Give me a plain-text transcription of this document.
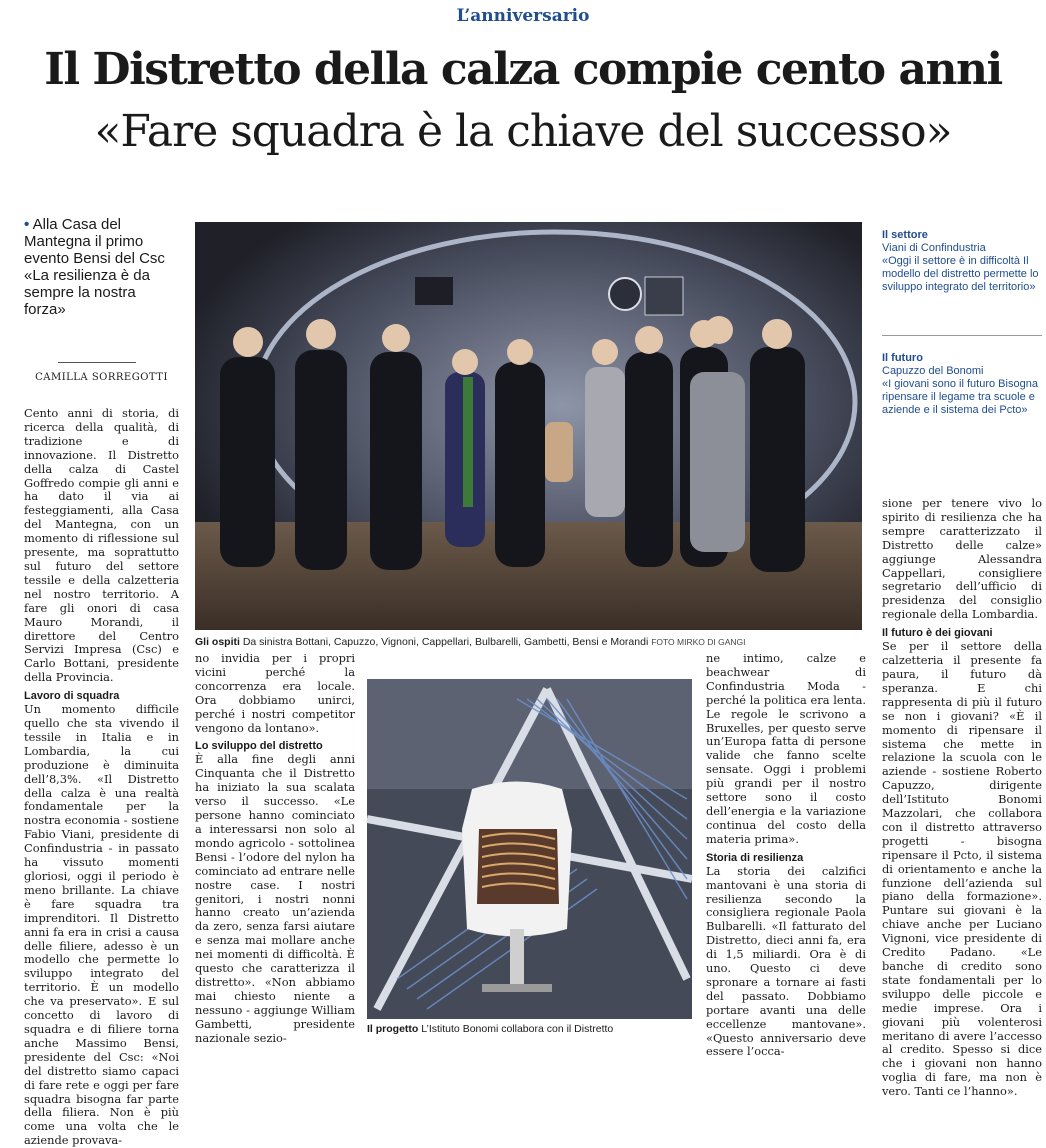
L’anniversario
Il Distretto della calza compie cento anni
«Fare squadra è la chiave del successo»
• Alla Casa del Mantegna il primo evento Bensi del Csc «La resilienza è da sempre la nostra forza»
CAMILLA SORREGOTTI

Cento anni di storia, di ricerca della qualità, di tradizione e di innovazione. Il Distretto della calza di Castel Goffredo compie gli anni e ha dato il via ai festeggiamenti, alla Casa del Mantegna, con un momento di riflessione sul presente, ma soprattutto sul futuro del settore tessile e della calzetteria nel nostro territorio. A fare gli onori di casa Mauro Morandi, il direttore del Centro Servizi Impresa (Csc) e Carlo Bottani, presidente della Provincia.

Lavoro di squadra

Un momento difficile quello che sta vivendo il tessile in Italia e in Lombardia, la cui produzione è diminuita dell’8,3%. «Il Distretto della calza è una realtà fondamentale per la nostra economia - sostiene Fabio Viani, presidente di Confindustria - in passato ha vissuto momenti gloriosi, oggi il periodo è meno brillante. La chiave è fare squadra tra imprenditori. Il Distretto anni fa era in crisi a causa delle filiere, adesso è un modello che permette lo sviluppo integrato del territorio. È un modello che va preservato». E sul concetto di lavoro di squadra e di filiere torna anche Massimo Bensi, presidente del Csc: «Noi del distretto siamo capaci di fare rete e oggi per fare squadra bisogna far parte della filiera. Non è più come una volta che le aziende provava-

Gli ospiti Da sinistra Bottani, Capuzzo, Vignoni, Cappellari, Bulbarelli, Gambetti, Bensi e Morandi FOTO MIRKO DI GANGI

no invidia per i propri vicini perché la concorrenza era locale. Ora dobbiamo unirci, perché i nostri competitor vengono da lontano».

Lo sviluppo del distretto

È alla fine degli anni Cinquanta che il Distretto ha iniziato la sua scalata verso il successo. «Le persone hanno cominciato a interessarsi non solo al mondo agricolo - sottolinea Bensi - l’odore del nylon ha cominciato ad entrare nelle nostre case. I nostri genitori, i nostri nonni hanno creato un’azienda da zero, senza farsi aiutare e senza mai mollare anche nei momenti di difficoltà. È questo che caratterizza il distretto». «Non abbiamo mai chiesto niente a nessuno - aggiunge William Gambetti, presidente nazionale sezio-

Il progetto L’Istituto Bonomi collabora con il Distretto

ne intimo, calze e beachwear di Confindustria Moda - perché la politica era lenta. Le regole le scrivono a Bruxelles, per questo serve un’Europa fatta di persone valide che fanno scelte sensate. Oggi i problemi più grandi per il nostro settore sono il costo dell’energia e la variazione continua del costo della materia prima».

Storia di resilienza

La storia dei calzifici mantovani è una storia di resilienza secondo la consigliera regionale Paola Bulbarelli. «Il fatturato del Distretto, dieci anni fa, era di 1,5 miliardi. Ora è di uno. Questo ci deve spronare a tornare ai fasti del passato. Dobbiamo portare avanti una delle eccellenze mantovane». «Questo anniversario deve essere l’occa-

Il settore
Viani di Confindustria
«Oggi il settore è in difficoltà Il modello del distretto permette lo sviluppo integrato del territorio»
Il futuro
Capuzzo del Bonomi
«I giovani sono il futuro Bisogna ripensare il legame tra scuole e aziende e il sistema dei Pcto»

sione per tenere vivo lo spirito di resilienza che ha sempre caratterizzato il Distretto delle calze» aggiunge Alessandra Cappellari, consigliere segretario dell’ufficio di presidenza del consiglio regionale della Lombardia.

Il futuro è dei giovani

Se per il settore della calzetteria il presente fa paura, il futuro dà speranza. E chi rappresenta di più il futuro se non i giovani? «È il momento di ripensare il sistema che mette in relazione la scuola con le aziende - sostiene Roberto Capuzzo, dirigente dell’Istituto Bonomi Mazzolari, che collabora con il distretto attraverso progetti - bisogna ripensare il Pcto, il sistema di orientamento e anche la funzione dell’azienda sul piano della formazione». Puntare sui giovani è la chiave anche per Luciano Vignoni, vice presidente di Credito Padano. «Le banche di credito sono state fondamentali per lo sviluppo delle piccole e medie imprese. Ora i giovani più volenterosi meritano di avere l’accesso al credito. Spesso si dice che i giovani non hanno voglia di fare, ma non è vero. Tanti ce l’hanno».
